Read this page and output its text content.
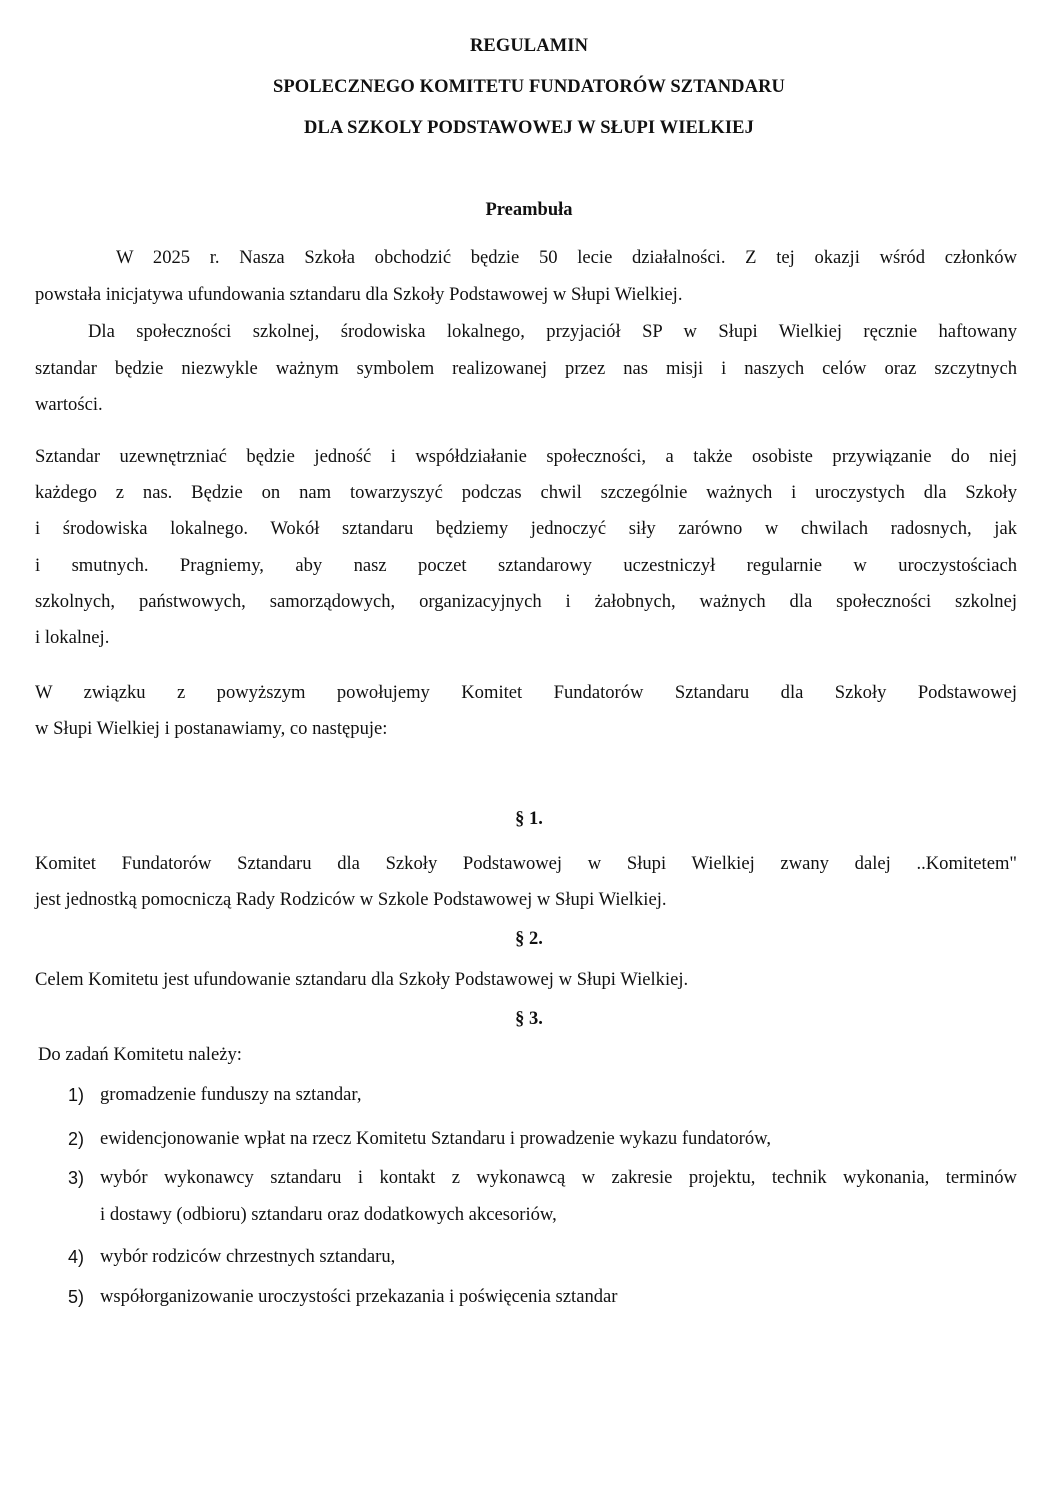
REGULAMIN
SPOLECZNEGO KOMITETU FUNDATORÓW SZTANDARU
DLA SZKOLY PODSTAWOWEJ W SŁUPI WIELKIEJ
Preambuła
W 2025 r. Nasza Szkoła obchodzić będzie 50 lecie działalności. Z tej okazji wśród członków
powstała inicjatywa ufundowania sztandaru dla Szkoły Podstawowej w Słupi Wielkiej.
Dla społeczności szkolnej, środowiska lokalnego, przyjaciół SP w Słupi Wielkiej ręcznie haftowany
sztandar będzie niezwykle ważnym symbolem realizowanej przez nas misji i naszych celów oraz szczytnych
wartości.
Sztandar uzewnętrzniać będzie jedność i współdziałanie społeczności, a także osobiste przywiązanie do niej
każdego z nas. Będzie on nam towarzyszyć podczas chwil szczególnie ważnych i uroczystych dla Szkoły
i środowiska lokalnego. Wokół sztandaru będziemy jednoczyć siły zarówno w chwilach radosnych, jak
i smutnych. Pragniemy, aby nasz poczet sztandarowy uczestniczył regularnie w uroczystościach
szkolnych, państwowych, samorządowych, organizacyjnych i żałobnych, ważnych dla społeczności szkolnej
i lokalnej.
W związku z powyższym powołujemy Komitet Fundatorów Sztandaru dla Szkoły Podstawowej
w Słupi Wielkiej i postanawiamy, co następuje:
§ 1.
Komitet Fundatorów Sztandaru dla Szkoły Podstawowej w Słupi Wielkiej zwany dalej ..Komitetem"
jest jednostką pomocniczą Rady Rodziców w Szkole Podstawowej w Słupi Wielkiej.
§ 2.
Celem Komitetu jest ufundowanie sztandaru dla Szkoły Podstawowej w Słupi Wielkiej.
§ 3.
Do zadań Komitetu należy:
1) gromadzenie funduszy na sztandar,
2) ewidencjonowanie wpłat na rzecz Komitetu Sztandaru i prowadzenie wykazu fundatorów,
3) wybór wykonawcy sztandaru i kontakt z wykonawcą w zakresie projektu, technik wykonania, terminów
i dostawy (odbioru) sztandaru oraz dodatkowych akcesoriów,
4) wybór rodziców chrzestnych sztandaru,
5) współorganizowanie uroczystości przekazania i poświęcenia sztandar
